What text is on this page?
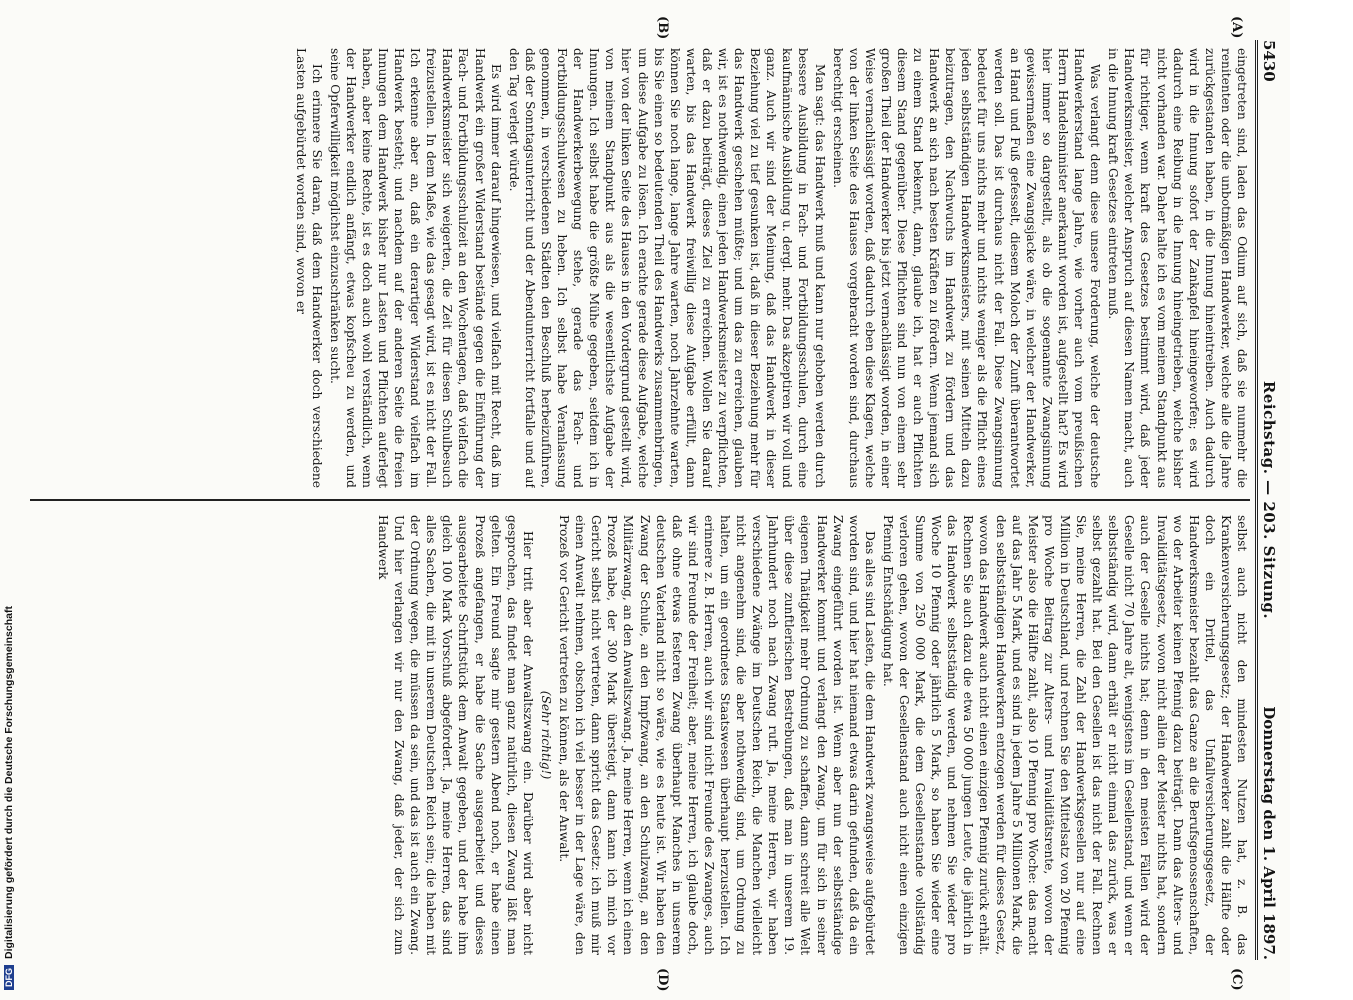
5430
Reichstag. — 203. Sitzung.
Donnerstag den 1. April 1897.
(A)
(B)
(C)
(D)

eingetreten sind, laden das Odium auf sich, daß sie nunmehr die renitenten oder die unbotmäßigen Handwerker, welche alle die Jahre zurückgestanden haben, in die Innung hineintreiben. Auch dadurch wird in die Innung sofort der Zankapfel hineingeworfen; es wird dadurch eine Reibung in die Innung hineingetrieben, welche bisher nicht vorhanden war. Daher halte ich es vom meinem Standpunkt aus für richtiger, wenn kraft des Gesetzes bestimmt wird, daß jeder Handwerksmeister, welcher Anspruch auf diesen Namen macht, auch in die Innung kraft Gesetzes eintreten muß.

Was verlangt denn diese unsere Forderung, welche der deutsche Handwerkerstand lange Jahre, wie vorher auch vom preußischen Herrn Handelsminister anerkannt worden ist, aufgestellt hat? Es wird hier immer so dargestellt, als ob die sogenannte Zwangsinnung gewissermaßen eine Zwangsjacke wäre, in welcher der Handwerker, an Hand und Fuß gefesselt, diesem Moloch der Zunft überantwortet werden soll. Das ist durchaus nicht der Fall. Diese Zwangsinnung bedeutet für uns nichts mehr und nichts weniger als die Pflicht eines jeden selbstständigen Handwerksmeisters, mit seinen Mitteln dazu beizutragen, den Nachwuchs im Handwerk zu fördern und das Handwerk an sich nach besten Kräften zu fördern. Wenn jemand sich zu einem Stand bekennt, dann, glaube ich, hat er auch Pflichten diesem Stand gegenüber. Diese Pflichten sind nun von einem sehr großen Theil der Handwerker bis jetzt vernachlässigt worden, in einer Weise vernachlässigt worden, daß dadurch eben diese Klagen, welche von der linken Seite des Hauses vorgebracht worden sind, durchaus berechtigt erscheinen.

Man sagt: das Handwerk muß und kann nur gehoben werden durch bessere Ausbildung in Fach- und Fortbildungsschulen, durch eine kaufmännische Ausbildung u. dergl. mehr. Das akzeptiren wir voll und ganz. Auch wir sind der Meinung, daß das Handwerk in dieser Beziehung viel zu tief gesunken ist, daß in dieser Beziehung mehr für das Handwerk geschehen müßte; und um das zu erreichen, glauben wir, ist es nothwendig, einen jeden Handwerksmeister zu verpflichten, daß er dazu beiträgt, dieses Ziel zu erreichen. Wollen Sie darauf warten, bis das Handwerk freiwillig diese Aufgabe erfüllt, dann können Sie noch lange, lange Jahre warten, noch Jahrzehnte warten, bis Sie einen so bedeutenden Theil des Handwerks zusammenbringen, um diese Aufgabe zu lösen. Ich erachte gerade diese Aufgabe, welche hier von der linken Seite des Hauses in den Vordergrund gestellt wird, von meinem Standpunkt aus als die wesentlichste Aufgabe der Innungen. Ich selbst habe die größte Mühe gegeben, seitdem ich in der Handwerkerbewegung stehe, gerade das Fach- und Fortbildungsschulwesen zu heben. Ich selbst habe Veranlassung genommen, in verschiedenen Städten den Beschluß herbeizuführen, daß der Sonntagsunterricht und der Abendunterricht fortfalle und auf den Tag verlegt würde.

Es wird immer darauf hingewiesen, und vielfach mit Recht, daß im Handwerk ein großer Widerstand bestände gegen die Einführung der Fach- und Fortbildungsschulzeit an den Wochentagen, daß vielfach die Handwerksmeister sich weigerten, die Zeit für diesen Schulbesuch freizustellen. In dem Maße, wie das gesagt wird, ist es nicht der Fall. Ich erkenne aber an, daß ein derartiger Widerstand vielfach im Handwerk besteht; und nachdem auf der anderen Seite die freien Innungen dem Handwerk bisher nur Lasten und Pflichten auferlegt haben, aber keine Rechte, ist es doch auch wohl verständlich, wenn der Handwerker endlich anfängt, etwas kopfscheu zu werden, und seine Opferwilligkeit möglichst einzuschränken sucht.

Ich erinnere Sie daran, daß dem Handwerker doch verschiedene Lasten aufgebürdet worden sind, wovon er

selbst auch nicht den mindesten Nutzen hat, z. B. das Krankenversicherungsgesetz; der Handwerker zahlt die Hälfte oder doch ein Drittel, das Unfallversicherungsgesetz, der Handwerksmeister bezahlt das Ganze an die Berufsgenossenschaften, wo der Arbeiter keinen Pfennig dazu beiträgt. Dann das Alters- und Invaliditätsgesetz, wovon nicht allein der Meister nichts hat, sondern auch der Geselle nichts hat; denn in den meisten Fällen wird der Geselle nicht 70 Jahre alt, wenigstens im Gesellenstand, und wenn er selbstständig wird, dann erhält er nicht einmal das zurück, was er selbst gezahlt hat. Bei den Gesellen ist das nicht der Fall. Rechnen Sie, meine Herren, die Zahl der Handwerksgesellen nur auf eine Million in Deutschland, und rechnen Sie den Mittelsatz von 20 Pfennig pro Woche Beitrag zur Alters- und Invaliditätsrente, wovon der Meister also die Hälfte zahlt, also 10 Pfennig pro Woche: das macht auf das Jahr 5 Mark, und es sind in jedem Jahre 5 Millionen Mark, die den selbstständigen Handwerkern entzogen werden für dieses Gesetz, wovon das Handwerk auch nicht einen einzigen Pfennig zurück erhält. Rechnen Sie auch dazu die etwa 50 000 jungen Leute, die jährlich in das Handwerk selbstständig werden, und nehmen Sie wieder pro Woche 10 Pfennig oder jährlich 5 Mark, so haben Sie wieder eine Summe von 250 000 Mark, die dem Gesellenstande vollständig verloren gehen, wovon der Gesellenstand auch nicht einen einzigen Pfennig Entschädigung hat.

Das alles sind Lasten, die dem Handwerk zwangsweise aufgebürdet worden sind, und hier hat niemand etwas darin gefunden, daß da ein Zwang eingeführt worden ist. Wenn aber nun der selbstständige Handwerker kommt und verlangt den Zwang, um für sich in seiner eigenen Thätigkeit mehr Ordnung zu schaffen, dann schreit alle Welt über diese zunftlerischen Bestrebungen, daß man in unserem 19. Jahrhundert noch nach Zwang ruft. Ja, meine Herren, wir haben verschiedene Zwänge im Deutschen Reich, die Manchen vielleicht nicht angenehm sind, die aber nothwendig sind, um Ordnung zu halten, um ein geordnetes Staatswesen überhaupt herzustellen. Ich erinnere z. B. Herren, auch wir sind nicht Freunde des Zwanges, auch wir sind Freunde der Freiheit; aber, meine Herren, ich glaube doch, daß ohne etwas festeren Zwang überhaupt Manches in unserem deutschen Vaterland nicht so wäre, wie es heute ist. Wir haben den Zwang der Schule, an den Impfzwang, an den Schulzwang, an den Militärzwang, an den Anwaltszwang. Ja, meine Herren, wenn ich einen Prozeß habe, der 300 Mark übersteigt, dann kann ich mich vor Gericht selbst nicht vertreten, dann spricht das Gesetz: ich muß mir einen Anwalt nehmen, obschon ich viel besser in der Lage wäre, den Prozeß vor Gericht vertreten zu können, als der Anwalt.

(Sehr richtig!)

Hier tritt aber der Anwaltszwang ein. Darüber wird aber nicht gesprochen, das findet man ganz natürlich, diesen Zwang läßt man gelten. Ein Freund sagte mir gestern Abend noch, er habe einen Prozeß angefangen, er habe die Sache ausgearbeitet und dieses ausgearbeitete Schriftstück dem Anwalt gegeben, und der habe ihm gleich 100 Mark Vorschuß abgefordert. Ja, meine Herren, das sind alles Sachen, die mit in unserem Deutschen Reich sein; die haben mit der Ordnung wegen, die müssen da sein, und das ist auch ein Zwang. Und hier verlangen wir nur den Zwang, daß jeder, der sich zum Handwerk

DFGDigitalisierung gefördert durch die Deutsche Forschungsgemeinschaft
